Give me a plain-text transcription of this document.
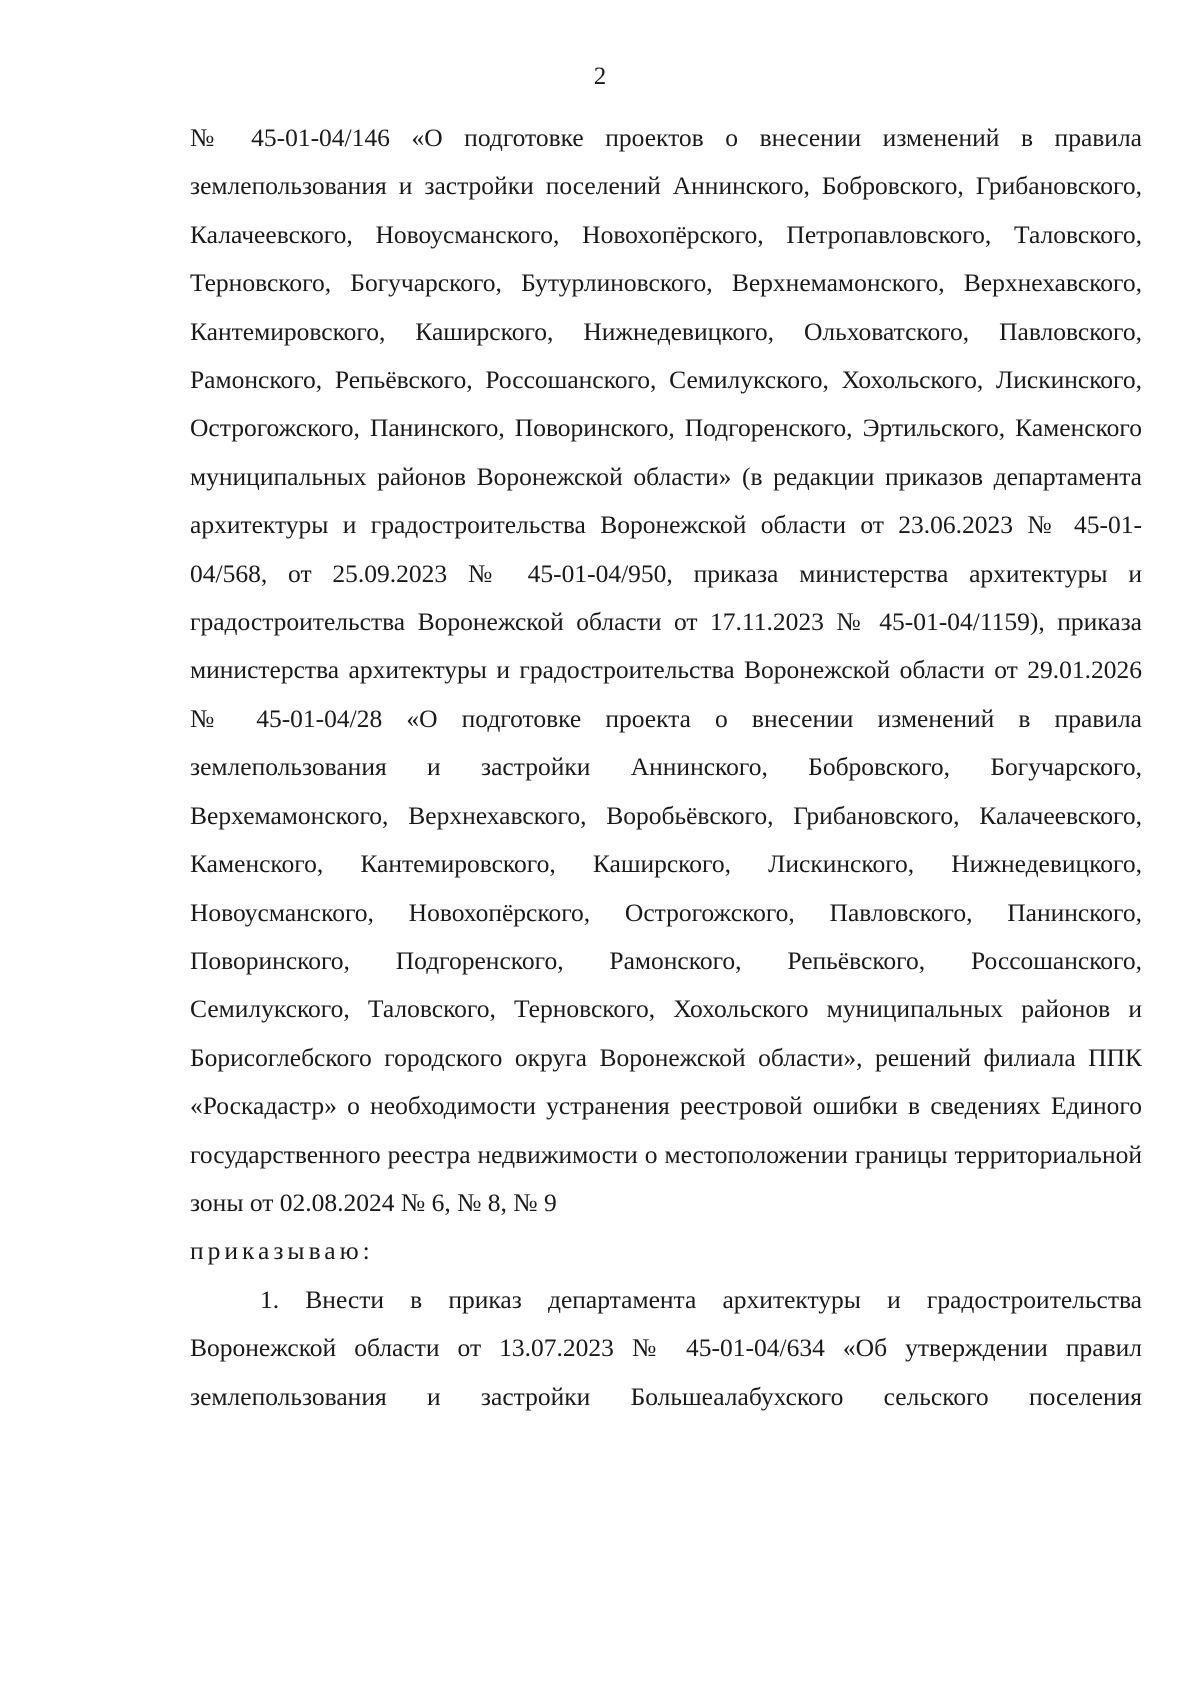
2

№ 45-01-04/146 «О подготовке проектов о внесении изменений в правила землепользования и застройки поселений Аннинского, Бобровского, Грибановского, Калачеевского, Новоусманского, Новохопёрского, Петропавловского, Таловского, Терновского, Богучарского, Бутурлиновского, Верхнемамонского, Верхнехавского, Кантемировского, Каширского, Нижнедевицкого, Ольховатского, Павловского, Рамонского, Репьёвского, Россошанского, Семилукского, Хохольского, Лискинского, Острогожского, Панинского, Поворинского, Подгоренского, Эртильского, Каменского муниципальных районов Воронежской области» (в редакции приказов департамента архитектуры и градостроительства Воронежской области от 23.06.2023 № 45-01-04/568, от 25.09.2023 № 45-01-04/950, приказа министерства архитектуры и градостроительства Воронежской области от 17.11.2023 № 45-01-04/1159), приказа министерства архитектуры и градостроительства Воронежской области от 29.01.2026 № 45-01-04/28 «О подготовке проекта о внесении изменений в правила землепользования и застройки Аннинского, Бобровского, Богучарского, Верхемамонского, Верхнехавского, Воробьёвского, Грибановского, Калачеевского, Каменского, Кантемировского, Каширского, Лискинского, Нижнедевицкого, Новоусманского, Новохопёрского, Острогожского, Павловского, Панинского, Поворинского, Подгоренского, Рамонского, Репьёвского, Россошанского, Семилукского, Таловского, Терновского, Хохольского муниципальных районов и Борисоглебского городского округа Воронежской области», решений филиала ППК «Роскадастр» о необходимости устранения реестровой ошибки в сведениях Единого государственного реестра недвижимости о местоположении границы территориальной зоны от 02.08.2024 № 6, № 8, № 9

приказываю:

1. Внести в приказ департамента архитектуры и градостроительства Воронежской области от 13.07.2023 № 45-01-04/634 «Об утверждении правил землепользования и застройки Большеалабухского сельского поселения
